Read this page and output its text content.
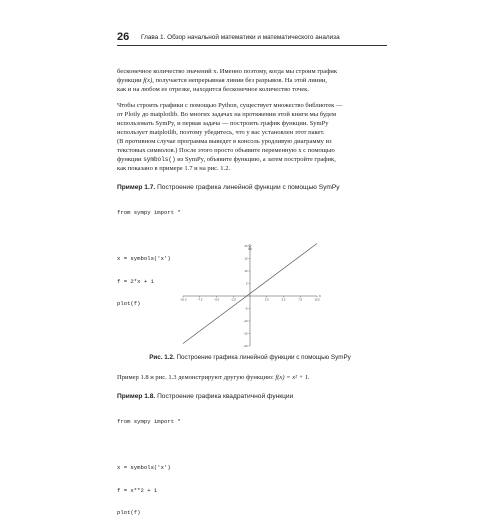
26 Глава 1. Обзор начальной математики и математического анализа

бесконечное количество значений x. Именно поэтому, когда мы строим график
функции f(x), получается непрерывная линии без разрывов. На этой линии,
как и на любом ее отрезке, находится бесконечное количество точек.

Чтобы строить графики с помощью Python, существует множество библиотек —
от Plotly до matplotlib. Во многих задачах на протяжении этой книги мы будем
использовать SymPy, и первая задача — построить график функции. SymPy
использует matplotlib, поэтому убедитесь, что у вас установлен этот пакет.
(В противном случае программа выведет в консоль уродливую диаграмму из
текстовых символов.) После этого просто объявите переменную x с помощью
функции symbols() из SymPy, объявите функцию, а затем постройте график,
как показано в примере 1.7 и на рис. 1.2.

Пример 1.7. Построение графика линейной функции с помощью SymPy

from sympy import *

x = symbols('x')

f = 2*x + 1

plot(f)

f(x)
x
−10.0	−7.5	−5.0	−2.5	2.5	5.0	7.5	10.0
−20
−15
−10
−5
5
10
15
20
Рис. 1.2. Построение графика линейной функции с помощью SymPy

Пример 1.8 и рис. 1.3 демонстрируют другую функцию: f(x) = x² + 1.

Пример 1.8. Построение графика квадратичной функции

from sympy import *

x = symbols('x')

f = x**2 + 1

plot(f)
